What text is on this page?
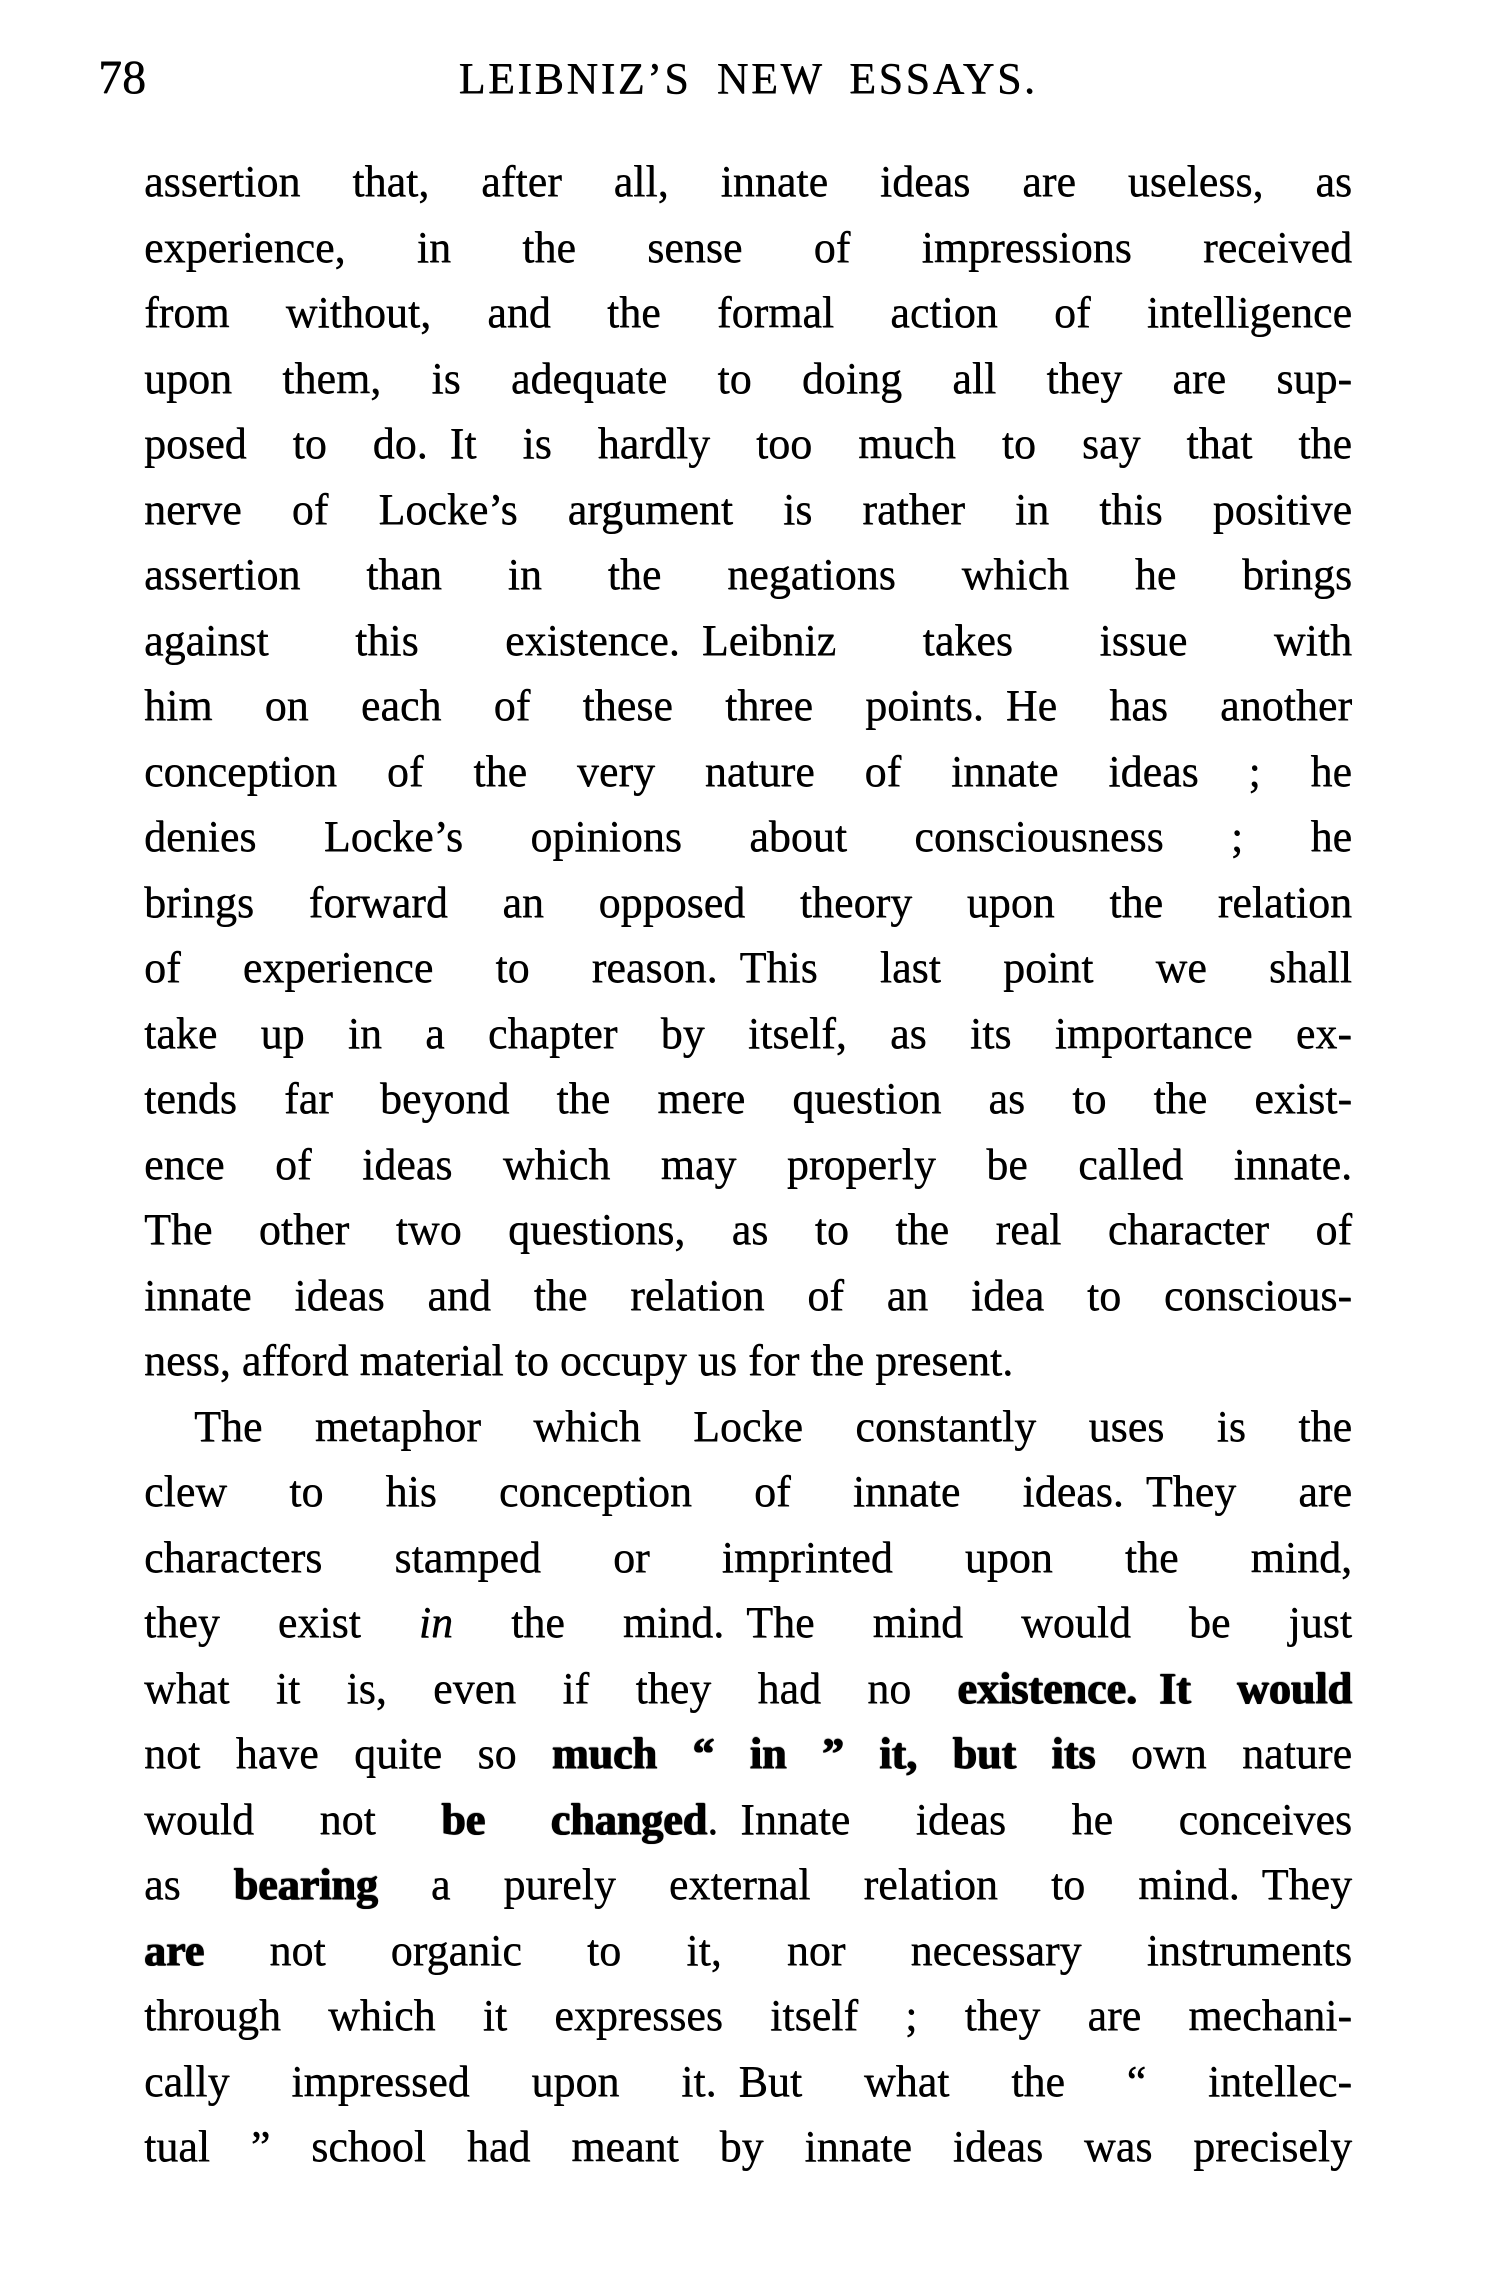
78	LEIBNIZ’S NEW ESSAYS.
assertion that, after all, innate ideas are useless, as
experience, in the sense of impressions received
from without, and the formal action of intelligence
upon them, is adequate to doing all they are sup-
posed to do. It is hardly too much to say that the
nerve of Locke’s argument is rather in this positive
assertion than in the negations which he brings
against this existence. Leibniz takes issue with
him on each of these three points. He has another
conception of the very nature of innate ideas ; he
denies Locke’s opinions about consciousness ; he
brings forward an opposed theory upon the relation
of experience to reason. This last point we shall
take up in a chapter by itself, as its importance ex-
tends far beyond the mere question as to the exist-
ence of ideas which may properly be called innate.
The other two questions, as to the real character of
innate ideas and the relation of an idea to conscious-
ness, afford material to occupy us for the present.
The metaphor which Locke constantly uses is the
clew to his conception of innate ideas. They are
characters stamped or imprinted upon the mind,
they exist in the mind. The mind would be just
what it is, even if they had no existence.  It would
not have quite so much “ in ” it, but its own nature
would not be changed. Innate ideas he conceives
as bearing a purely external relation to mind. They
are not organic to it, nor necessary instruments
through which it expresses itself ; they are mechani-
cally impressed upon it. But what the “ intellec-
tual ” school had meant by innate ideas was precisely
